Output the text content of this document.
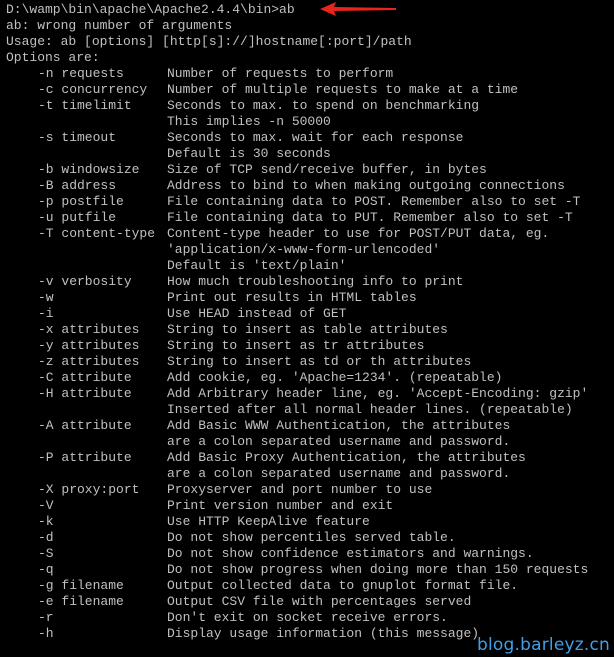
D:\wamp\bin\apache\Apache2.4.4\bin>ab
ab: wrong number of arguments
Usage: ab [options] [http[s]://]hostname[:port]/path
Options are:
-n requests	Number of requests to perform
-c concurrency Number of multiple requests to make at a time
-t timelimit	Seconds to max. to spend on benchmarking
This implies -n 50000
-s timeout	Seconds to max. wait for each response
Default is 30 seconds
-b windowsize Size of TCP send/receive buffer, in bytes
-B address	Address to bind to when making outgoing connections
-p postfile	File containing data to POST. Remember also to set -T
-u putfile	File containing data to PUT. Remember also to set -T
-T content-type Content-type header to use for POST/PUT data, eg.
'application/x-www-form-urlencoded'
Default is 'text/plain'
-v verbosity	How much troubleshooting info to print
-w	Print out results in HTML tables
-i	Use HEAD instead of GET
-x attributes String to insert as table attributes
-y attributes String to insert as tr attributes
-z attributes String to insert as td or th attributes
-C attribute	Add cookie, eg. 'Apache=1234'. (repeatable)
-H attribute	Add Arbitrary header line, eg. 'Accept-Encoding: gzip'
Inserted after all normal header lines. (repeatable)
-A attribute	Add Basic WWW Authentication, the attributes
are a colon separated username and password.
-P attribute	Add Basic Proxy Authentication, the attributes
are a colon separated username and password.
-X proxy:port Proxyserver and port number to use
-V	Print version number and exit
-k	Use HTTP KeepAlive feature
-d	Do not show percentiles served table.
-S	Do not show confidence estimators and warnings.
-q	Do not show progress when doing more than 150 requests
-g filename	Output collected data to gnuplot format file.
-e filename	Output CSV file with percentages served
-r	Don't exit on socket receive errors.
-h	Display usage information (this message)
blog.barleyz.cn
